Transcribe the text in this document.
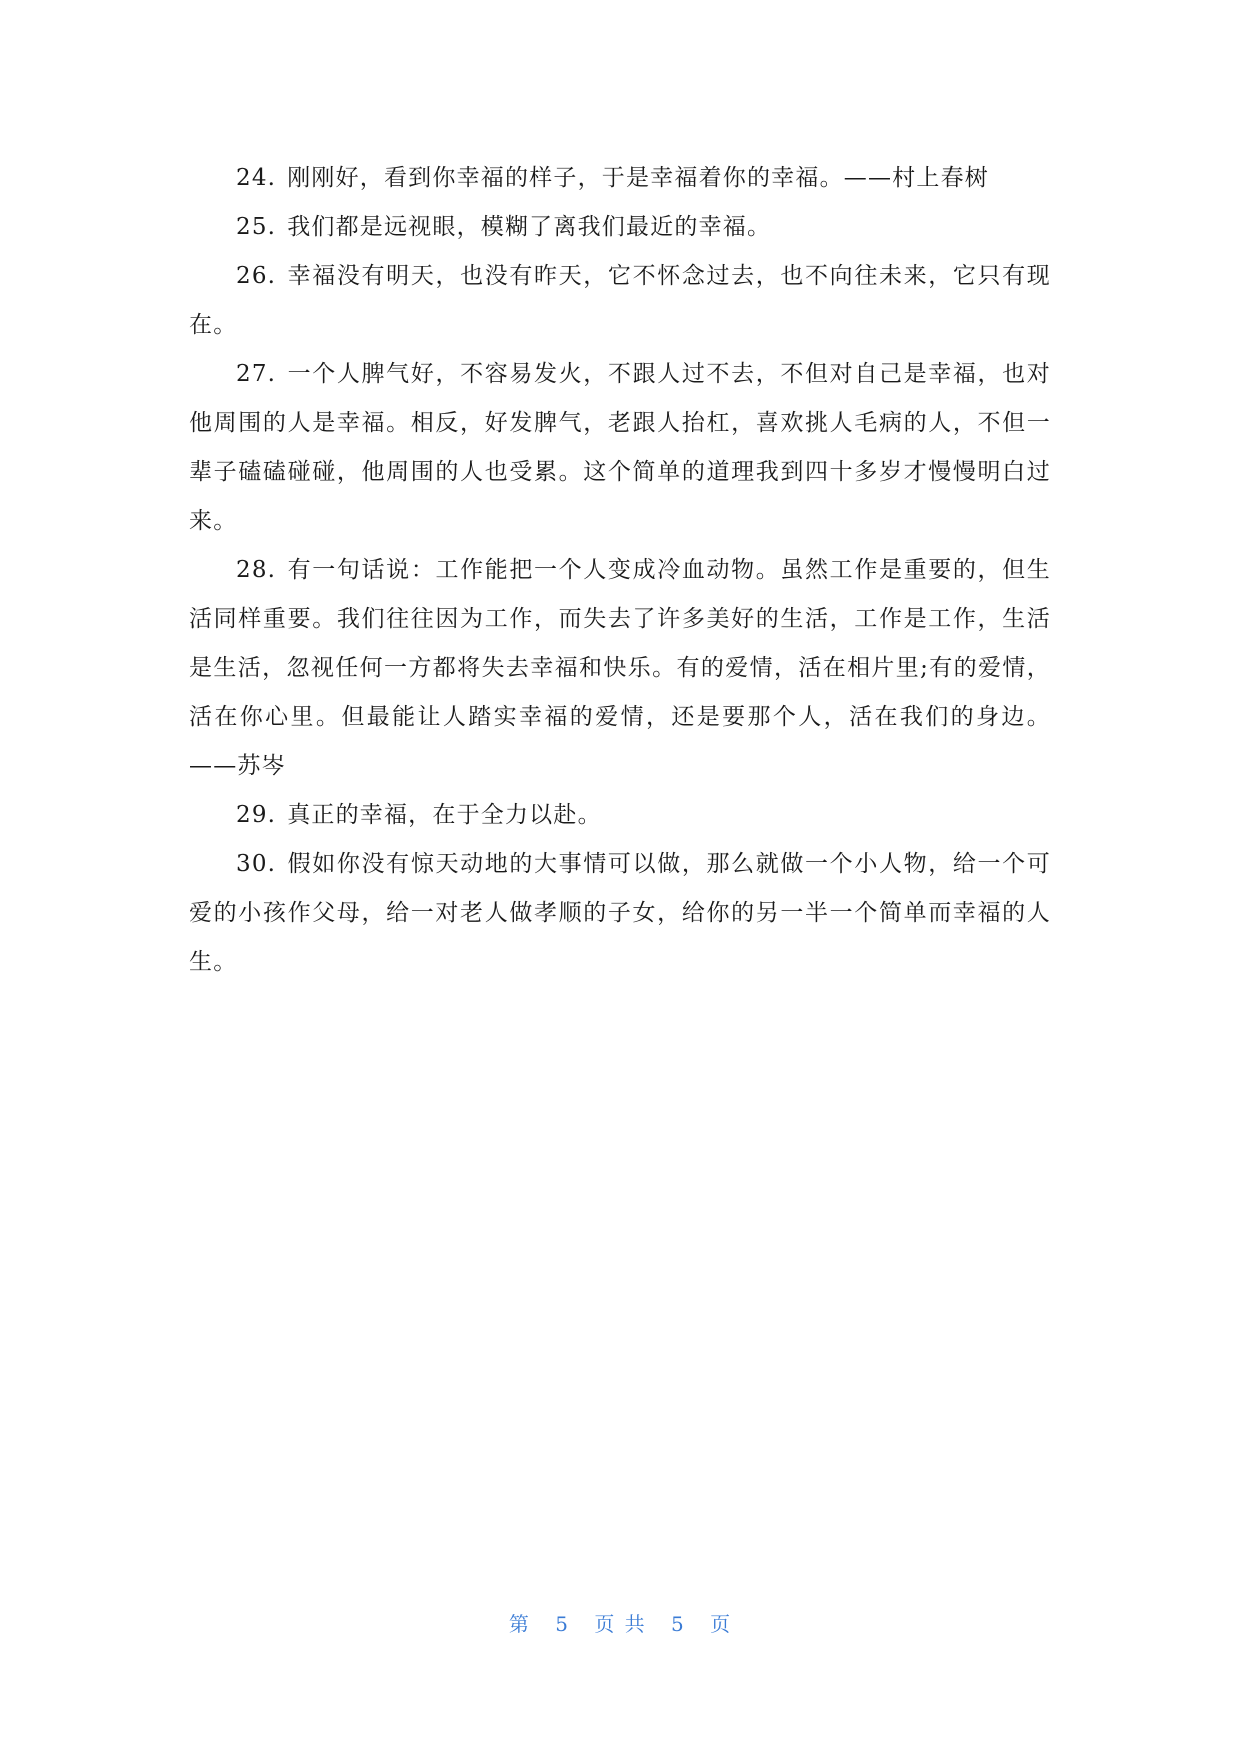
24. 刚刚好，看到你幸福的样子，于是幸福着你的幸福。——村上春树

25. 我们都是远视眼，模糊了离我们最近的幸福。

26. 幸福没有明天，也没有昨天，它不怀念过去，也不向往未来，它只有现在。

27. 一个人脾气好，不容易发火，不跟人过不去，不但对自己是幸福，也对他周围的人是幸福。相反，好发脾气，老跟人抬杠，喜欢挑人毛病的人，不但一辈子磕磕碰碰，他周围的人也受累。这个简单的道理我到四十多岁才慢慢明白过来。

28. 有一句话说：工作能把一个人变成冷血动物。虽然工作是重要的，但生活同样重要。我们往往因为工作，而失去了许多美好的生活，工作是工作，生活是生活，忽视任何一方都将失去幸福和快乐。有的爱情，活在相片里;有的爱情，活在你心里。但最能让人踏实幸福的爱情，还是要那个人，活在我们的身边。——苏岑

29. 真正的幸福，在于全力以赴。

30. 假如你没有惊天动地的大事情可以做，那么就做一个小人物，给一个可爱的小孩作父母，给一对老人做孝顺的子女，给你的另一半一个简单而幸福的人生。

第 5 页 共 5 页
